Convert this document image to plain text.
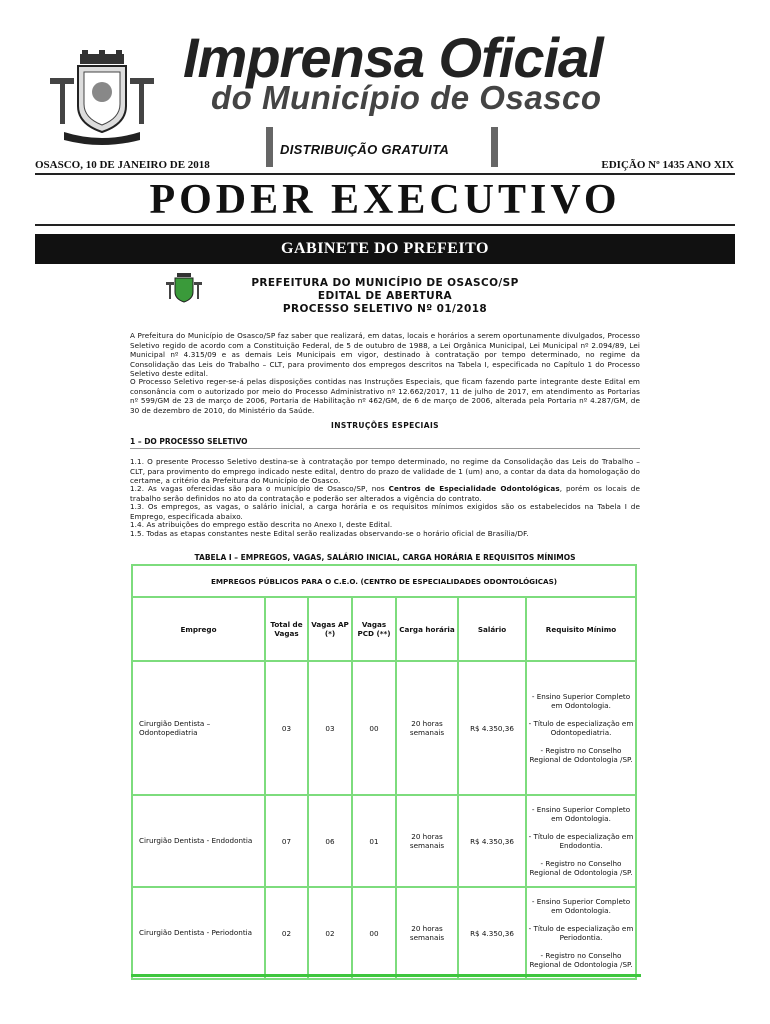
Imprensa Oficial
do Município de Osasco
DISTRIBUIÇÃO GRATUITA
OSASCO, 10 DE JANEIRO DE 2018	EDIÇÃO Nº 1435 ANO XIX
PODER EXECUTIVO
GABINETE DO PREFEITO
PREFEITURA DO MUNICÍPIO DE OSASCO/SP
EDITAL DE ABERTURA
PROCESSO SELETIVO Nº 01/2018
A Prefeitura do Município de Osasco/SP faz saber que realizará, em datas, locais e horários a serem oportunamente divulgados, Processo Seletivo regido de acordo com a Constituição Federal, de 5 de outubro de 1988, a Lei Orgânica Municipal, Lei Municipal nº 2.094/89, Lei Municipal nº 4.315/09 e as demais Leis Municipais em vigor, destinado à contratação por tempo determinado, no regime da Consolidação das Leis do Trabalho – CLT, para provimento dos empregos descritos na Tabela I, especificada no Capítulo 1 do Processo Seletivo deste edital.
O Processo Seletivo reger-se-á pelas disposições contidas nas Instruções Especiais, que ficam fazendo parte integrante deste Edital em consonância com o autorizado por meio do Processo Administrativo nº 12.662/2017, 11 de julho de 2017, em atendimento as Portarias nº 599/GM de 23 de março de 2006, Portaria de Habilitação nº 462/GM, de 6 de março de 2006, alterada pela Portaria nº 4.287/GM, de 30 de dezembro de 2010, do Ministério da Saúde.
INSTRUÇÕES ESPECIAIS
1 – DO PROCESSO SELETIVO
1.1. O presente Processo Seletivo destina-se à contratação por tempo determinado, no regime da Consolidação das Leis do Trabalho – CLT, para provimento do emprego indicado neste edital, dentro do prazo de validade de 1 (um) ano, a contar da data da homologação do certame, a critério da Prefeitura do Município de Osasco.
1.2. As vagas oferecidas são para o município de Osasco/SP, nos Centros de Especialidade Odontológicas, porém os locais de trabalho serão definidos no ato da contratação e poderão ser alterados a vigência do contrato.
1.3. Os empregos, as vagas, o salário inicial, a carga horária e os requisitos mínimos exigidos são os estabelecidos na Tabela I de Emprego, especificada abaixo.
1.4. As atribuições do emprego estão descrita no Anexo I, deste Edital.
1.5. Todas as etapas constantes neste Edital serão realizadas observando-se o horário oficial de Brasília/DF.
TABELA I – EMPREGOS, VAGAS, SALÁRIO INICIAL, CARGA HORÁRIA E REQUISITOS MÍNIMOS
EMPREGOS PÚBLICOS PARA O C.E.O. (CENTRO DE ESPECIALIDADES ODONTOLÓGICAS)						
Emprego	Total de Vagas	Vagas AP (*)	Vagas PCD (**)	Carga horária	Salário	Requisito Mínimo
Cirurgião Dentista – Odontopediatria	03	03	00	20 horas semanais	R$ 4.350,36	- Ensino Superior Completo em Odontologia.

- Título de especialização em Odontopediatria.

- Registro no Conselho Regional de Odontologia /SP.

Cirurgião Dentista - Endodontia	07	06	01	20 horas semanais	R$ 4.350,36	- Ensino Superior Completo em Odontologia.

- Título de especialização em Endodontia.

- Registro no Conselho Regional de Odontologia /SP.

Cirurgião Dentista - Periodontia	02	02	00	20 horas semanais	R$ 4.350,36	- Ensino Superior Completo em Odontologia.

- Título de especialização em Periodontia.

- Registro no Conselho Regional de Odontologia /SP.
